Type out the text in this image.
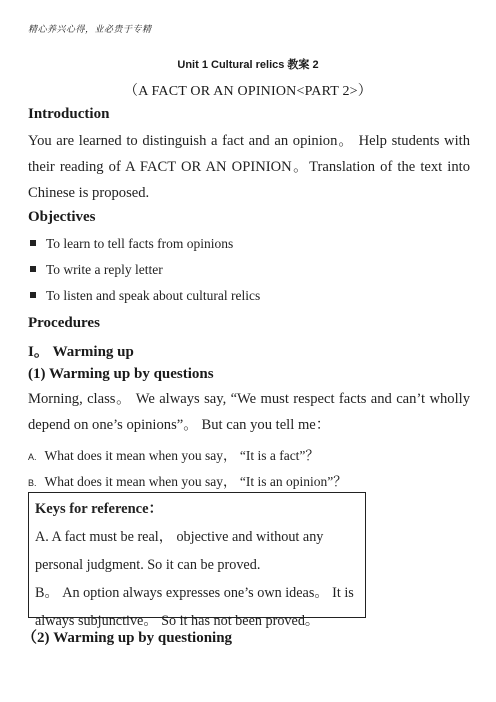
精心养兴心得，业必贵于专精
Unit 1 Cultural relics 教案 2
（A FACT OR AN OPINION<PART 2>）
Introduction
You are learned to distinguish a fact and an opinion。 Help students with their reading of A FACT OR AN OPINION。Translation of the text into Chinese is proposed.
Objectives
To learn to tell facts from opinions
To write a reply letter
To listen and speak about cultural relics
Procedures
I。 Warming up
(1) Warming up by questions
Morning, class。 We always say, “We must respect facts and can’t wholly depend on one’s opinions”。 But can you tell me：
A. What does it mean when you say， “It is a fact”？
B. What does it mean when you say， “It is an opinion”？
Keys for reference：
A. A fact must be real， objective and without any personal judgment. So it can be proved.
B。 An option always expresses one’s own ideas。 It is always subjunctive。 So it has not been proved。
（2) Warming up by questioning
